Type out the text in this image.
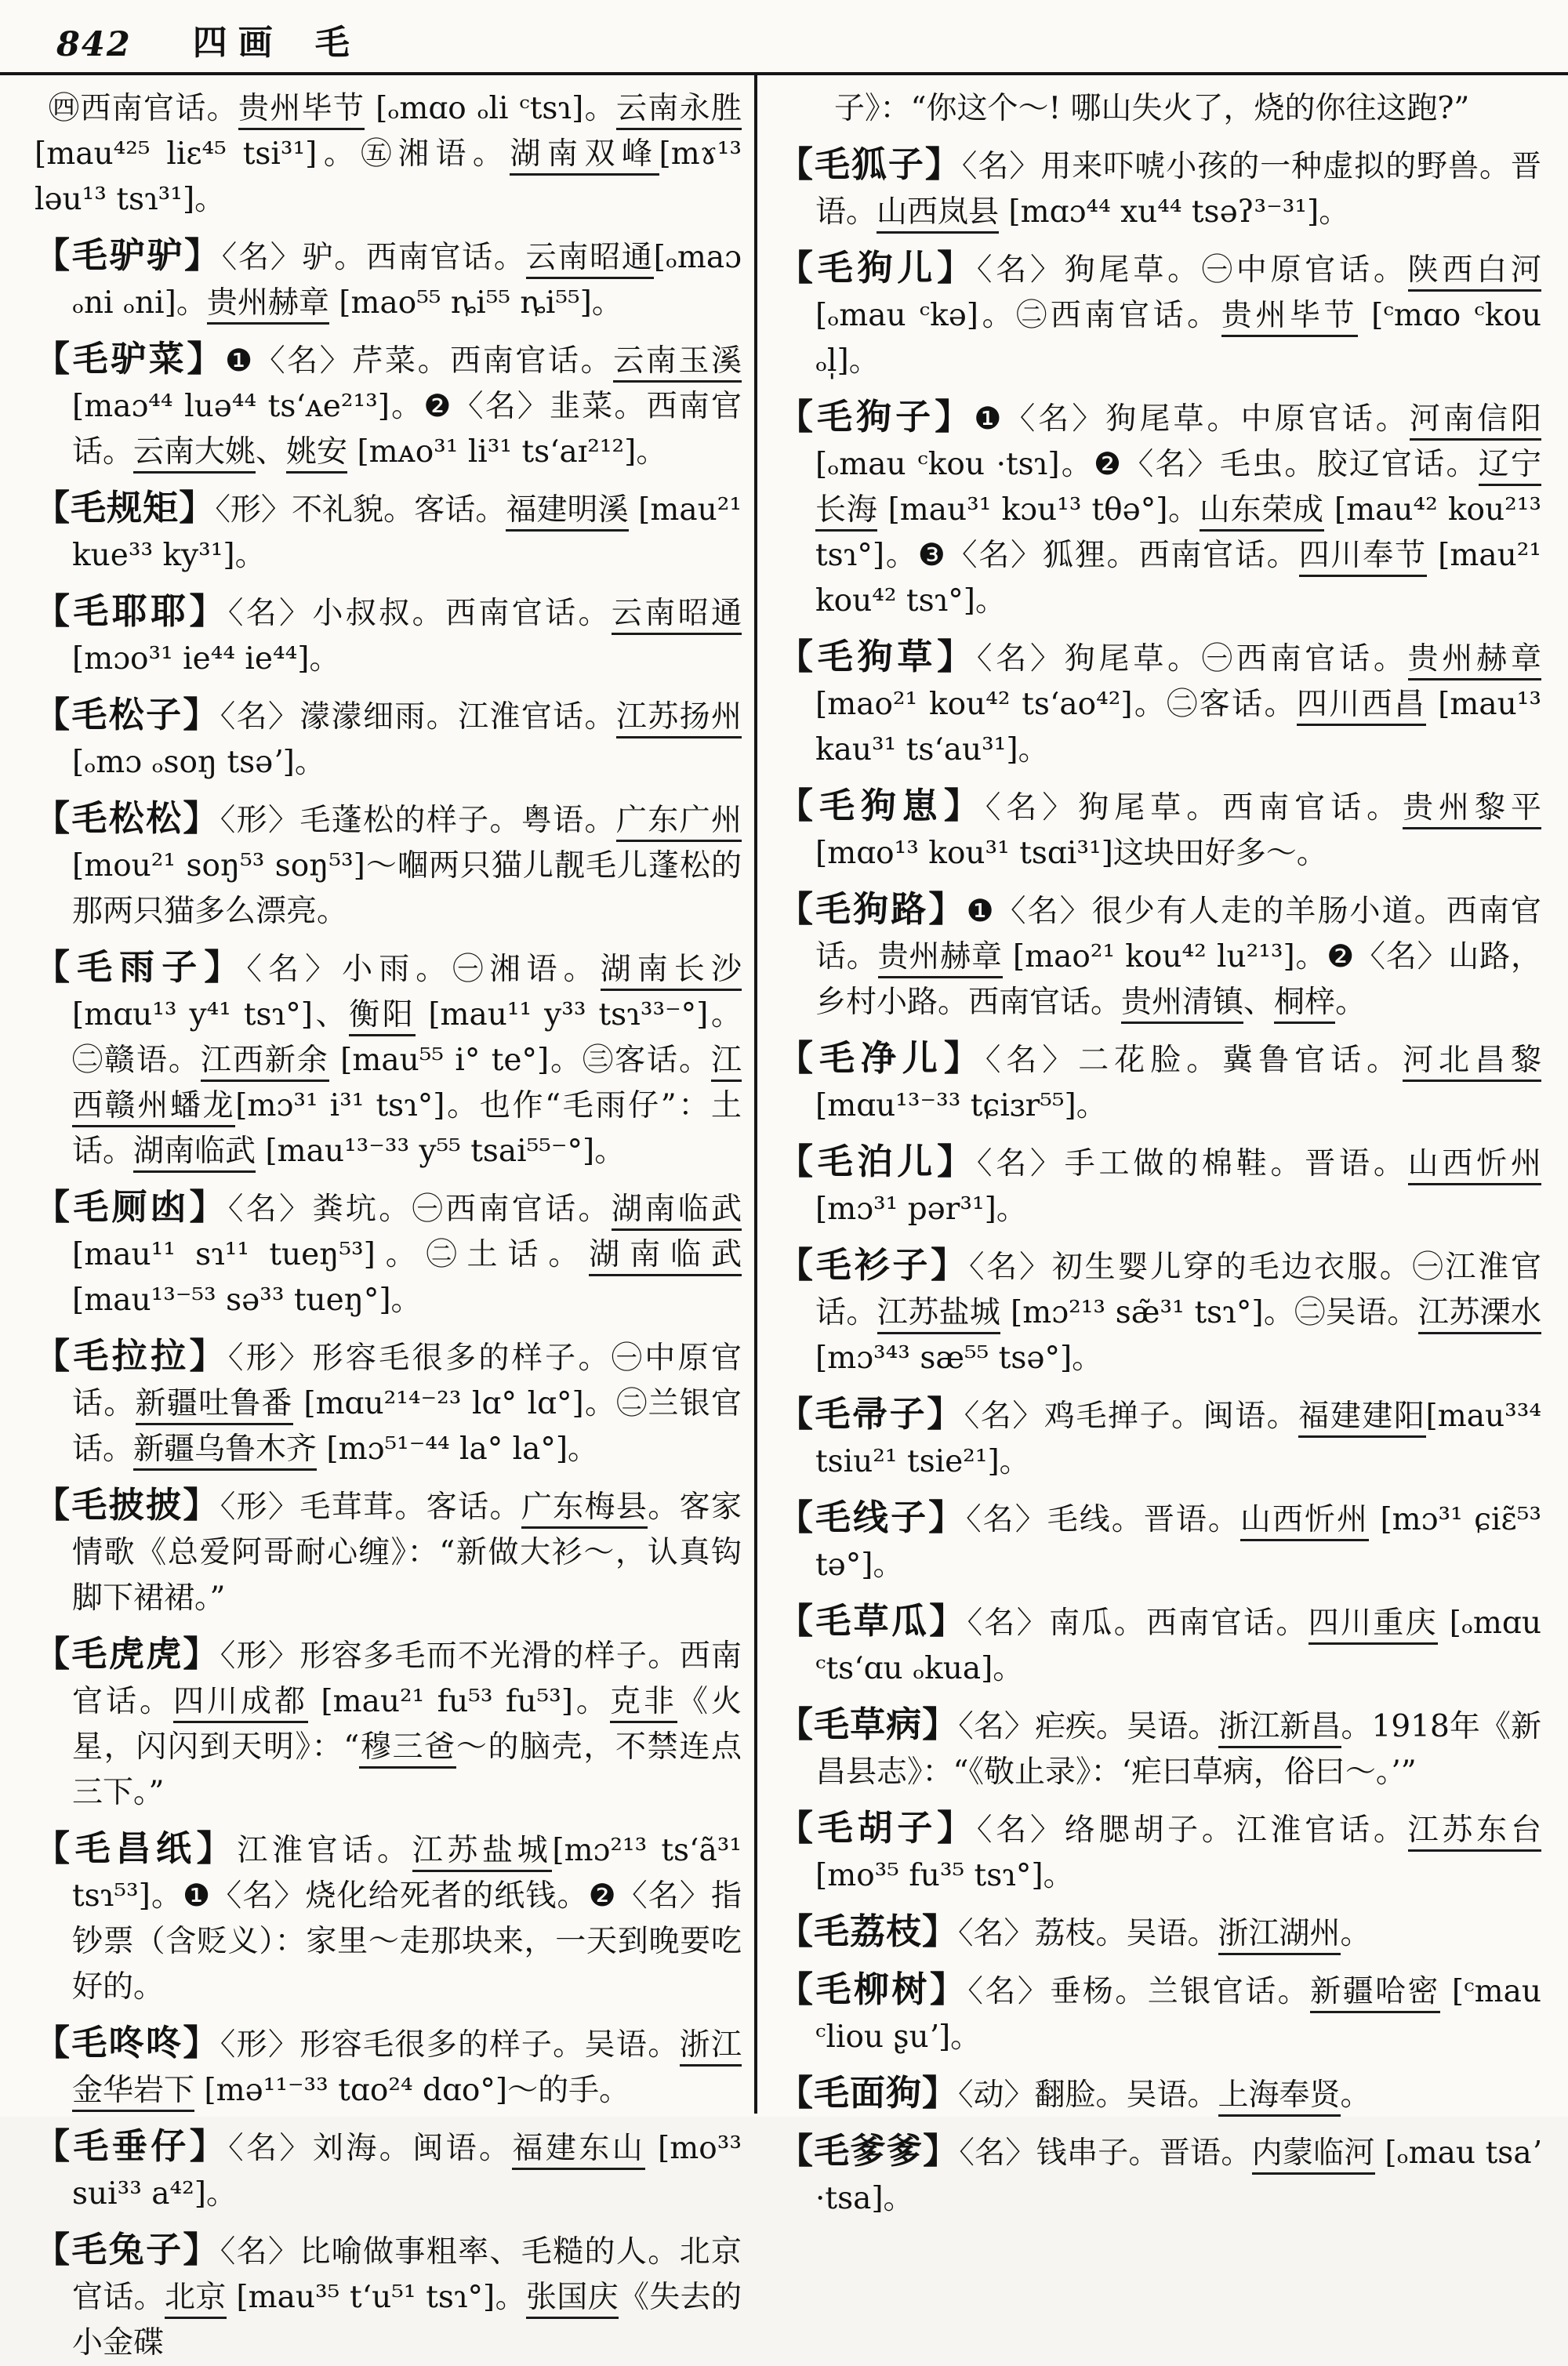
842 四画 毛

㊃西南官话。贵州毕节 [ₒmɑo ₒli ᶜtsɿ]。云南永胜 [mau⁴²⁵ liɛ⁴⁵ tsi³¹]。㊄湘语。湖南双峰[mɤ¹³ ləu¹³ tsɿ³¹]。

【毛驴驴】〈名〉驴。西南官话。云南昭通[ₒmaɔ ₒni ₒni]。贵州赫章 [mao⁵⁵ ȵi⁵⁵ ȵi⁵⁵]。

【毛驴菜】❶〈名〉芹菜。西南官话。云南玉溪[maɔ⁴⁴ luə⁴⁴ ts‘ᴀe²¹³]。❷〈名〉韭菜。西南官话。云南大姚、姚安 [mᴀo³¹ li³¹ ts‘aɪ²¹²]。

【毛规矩】〈形〉不礼貌。客话。福建明溪 [mau²¹ kue³³ ky³¹]。

【毛耶耶】〈名〉小叔叔。西南官话。云南昭通 [mɔo³¹ ie⁴⁴ ie⁴⁴]。

【毛松子】〈名〉濛濛细雨。江淮官话。江苏扬州 [ₒmɔ ₒsoŋ tsəʼ]。

【毛松松】〈形〉毛蓬松的样子。粤语。广东广州 [mou²¹ soŋ⁵³ soŋ⁵³]～嗰两只猫儿靓毛儿蓬松的那两只猫多么漂亮。

【毛雨子】〈名〉小雨。㊀湘语。湖南长沙 [mɑu¹³ y⁴¹ tsɿ°]、衡阳 [mau¹¹ y³³ tsɿ³³⁻°]。㊁赣语。江西新余 [mau⁵⁵ i° te°]。㊂客话。江西赣州蟠龙[mɔ³¹ i³¹ tsɿ°]。也作“毛雨仔”：土话。湖南临武 [mau¹³⁻³³ y⁵⁵ tsai⁵⁵⁻°]。

【毛厕凼】〈名〉粪坑。㊀西南官话。湖南临武 [mau¹¹ sɿ¹¹ tueŋ⁵³]。㊁土话。湖南临武 [mau¹³⁻⁵³ sə³³ tueŋ°]。

【毛拉拉】〈形〉形容毛很多的样子。㊀中原官话。新疆吐鲁番 [mɑu²¹⁴⁻²³ lɑ° lɑ°]。㊁兰银官话。新疆乌鲁木齐 [mɔ⁵¹⁻⁴⁴ la° la°]。

【毛披披】〈形〉毛茸茸。客话。广东梅县。客家情歌《总爱阿哥耐心缠》：“新做大衫～，认真钩脚下裙裙。”

【毛虎虎】〈形〉形容多毛而不光滑的样子。西南官话。四川成都 [mau²¹ fu⁵³ fu⁵³]。克非《火星，闪闪到天明》：“穆三爸～的脑壳，不禁连点三下。”

【毛昌纸】江淮官话。江苏盐城[mɔ²¹³ ts‘ã³¹ tsɿ⁵³]。❶〈名〉烧化给死者的纸钱。❷〈名〉指钞票（含贬义）：家里～走那块来，一天到晚要吃好的。

【毛咚咚】〈形〉形容毛很多的样子。吴语。浙江金华岩下 [mə¹¹⁻³³ tɑo²⁴ dɑo°]～的手。

【毛垂仔】〈名〉刘海。闽语。福建东山 [mo³³ sui³³ a⁴²]。

【毛兔子】〈名〉比喻做事粗率、毛糙的人。北京官话。北京 [mau³⁵ t‘u⁵¹ tsɿ°]。张国庆《失去的小金碟

子》：“你这个～! 哪山失火了，烧的你往这跑?”

【毛狐子】〈名〉用来吓唬小孩的一种虚拟的野兽。晋语。山西岚县 [mɑɔ⁴⁴ xu⁴⁴ tsəʔ³⁻³¹]。

【毛狗儿】〈名〉狗尾草。㊀中原官话。陕西白河[ₒmau ᶜkə]。㊁西南官话。贵州毕节 [ᶜmɑo ᶜkou ₒl̩]。

【毛狗子】❶〈名〉狗尾草。中原官话。河南信阳[ₒmau ᶜkou ·tsɿ]。❷〈名〉毛虫。胶辽官话。辽宁长海 [mau³¹ kɔu¹³ tθə°]。山东荣成 [mau⁴² kou²¹³ tsɿ°]。❸〈名〉狐狸。西南官话。四川奉节 [mau²¹ kou⁴² tsɿ°]。

【毛狗草】〈名〉狗尾草。㊀西南官话。贵州赫章 [mao²¹ kou⁴² ts‘ao⁴²]。㊁客话。四川西昌 [mau¹³ kau³¹ ts‘au³¹]。

【毛狗崽】〈名〉狗尾草。西南官话。贵州黎平 [mɑo¹³ kou³¹ tsɑi³¹]这块田好多～。

【毛狗路】❶〈名〉很少有人走的羊肠小道。西南官话。贵州赫章 [mao²¹ kou⁴² lu²¹³]。❷〈名〉山路，乡村小路。西南官话。贵州清镇、桐梓。

【毛净儿】〈名〉二花脸。冀鲁官话。河北昌黎 [mɑu¹³⁻³³ tɕiɜr⁵⁵]。

【毛泊儿】〈名〉手工做的棉鞋。晋语。山西忻州 [mɔ³¹ pər³¹]。

【毛衫子】〈名〉初生婴儿穿的毛边衣服。㊀江淮官话。江苏盐城 [mɔ²¹³ sæ̃³¹ tsɿ°]。㊁吴语。江苏溧水 [mɔ³⁴³ sæ⁵⁵ tsə°]。

【毛帚子】〈名〉鸡毛掸子。闽语。福建建阳[mau³³⁴ tsiu²¹ tsie²¹]。

【毛线子】〈名〉毛线。晋语。山西忻州 [mɔ³¹ ɕiɛ̃⁵³ tə°]。

【毛草瓜】〈名〉南瓜。西南官话。四川重庆 [ₒmɑu ᶜts‘ɑu ₒkua]。

【毛草病】〈名〉疟疾。吴语。浙江新昌。1918年《新昌县志》：“《敬止录》：‘疟曰草病，俗曰～。’”

【毛胡子】〈名〉络腮胡子。江淮官话。江苏东台 [mo³⁵ fu³⁵ tsɿ°]。

【毛荔枝】〈名〉荔枝。吴语。浙江湖州。

【毛柳树】〈名〉垂杨。兰银官话。新疆哈密 [ᶜmau ᶜliou ʂuʼ]。

【毛面狗】〈动〉翻脸。吴语。上海奉贤。

【毛爹爹】〈名〉钱串子。晋语。内蒙临河 [ₒmau tsaʼ ·tsa]。
